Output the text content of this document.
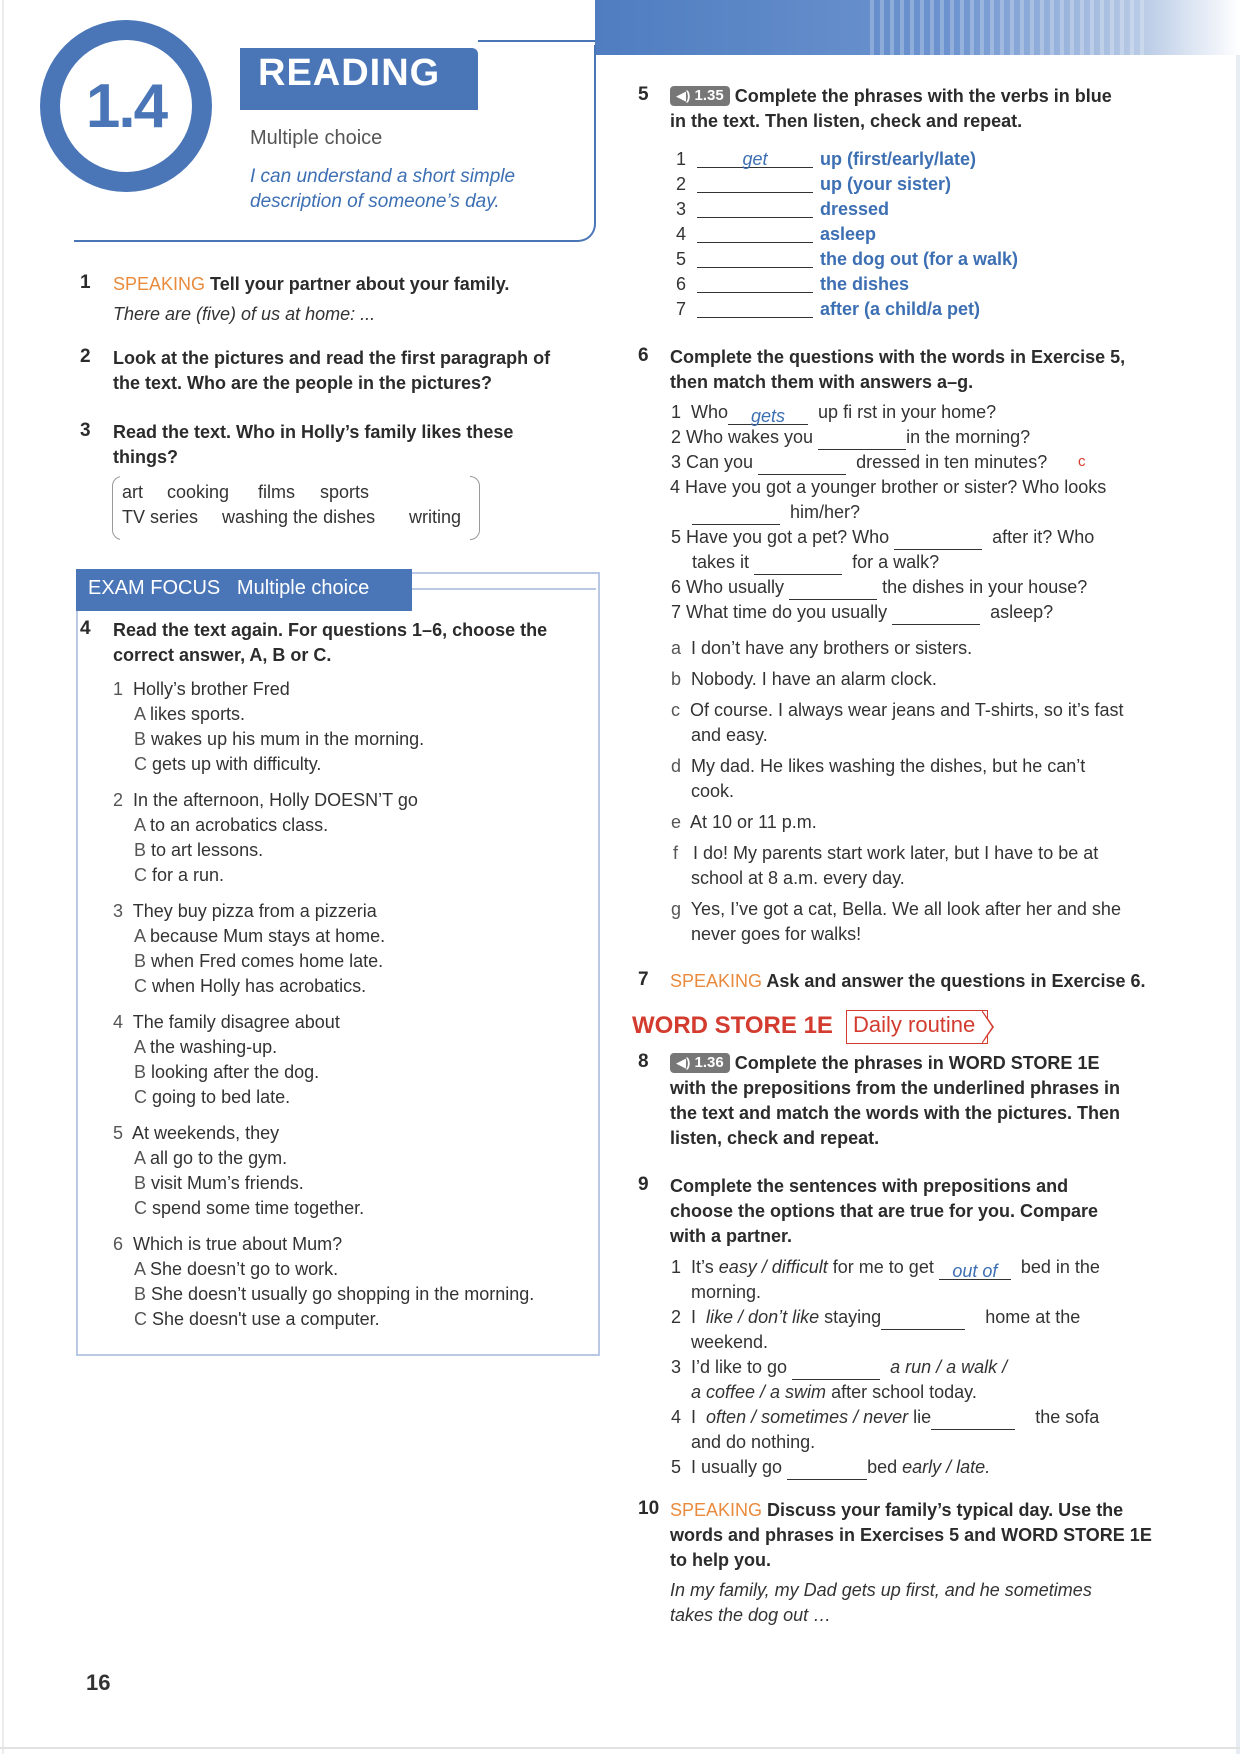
1.4 READING
Multiple choice
I can understand a short simple
description of someone’s day.
1 SPEAKING Tell your partner about your family.
There are (five) of us at home: ...
2 Look at the pictures and read the first paragraph of
the text. Who are the people in the pictures?
3 Read the text. Who in Holly’s family likes these
things?
art cooking films sports
TV series washing the dishes writing
EXAM FOCUS Multiple choice
4 Read the text again. For questions 1–6, choose the
correct answer, A, B or C.
1 Holly’s brother Fred
A likes sports.
B wakes up his mum in the morning.
C gets up with difficulty.
2 In the afternoon, Holly DOESN’T go
A to an acrobatics class.
B to art lessons.
C for a run.
3 They buy pizza from a pizzeria
A because Mum stays at home.
B when Fred comes home late.
C when Holly has acrobatics.
4 The family disagree about
A the washing-up.
B looking after the dog.
C going to bed late.
5 At weekends, they
A all go to the gym.
B visit Mum’s friends.
C spend some time together.
6 Which is true about Mum?
A She doesn’t go to work.
B She doesn’t usually go shopping in the morning.
C She doesn't use a computer.
5	◀) 1.35 Complete the phrases with the verbs in blue
in the text. Then listen, check and repeat.
1	get	up (first/early/late)
2	up (your sister)
3	dressed
4	asleep
5	the dog out (for a walk)
6	the dishes
7	after (a child/a pet)
6 Complete the questions with the words in Exercise 5,
then match them with answers a–g.
1  Who gets up fi rst in your home?
2 Who wakes you	in the morning?
3 Can you	dressed in ten minutes?
4 Have you got a younger brother or sister? Who looks
him/her?
5 Have you got a pet? Who	after it? Who
takes it	for a walk?
6 Who usually	the dishes in your house?
7 What time do you usually	asleep?
c
a I don’t have any brothers or sisters.
b Nobody. I have an alarm clock.
c Of course. I always wear jeans and T-shirts, so it’s fast
and easy.
d My dad. He likes washing the dishes, but he can’t
cook.
e At 10 or 11 p.m.
f I do! My parents start work later, but I have to be at
school at 8 a.m. every day.
g Yes, I’ve got a cat, Bella. We all look after her and she
never goes for walks!
7 SPEAKING Ask and answer the questions in Exercise 6.
WORD STORE 1E Daily routine
8	◀) 1.36 Complete the phrases in WORD STORE 1E
with the prepositions from the underlined phrases in
the text and match the words with the pictures. Then
listen, check and repeat.
9 Complete the sentences with prepositions and
choose the options that are true for you. Compare
with a partner.
1  It’s easy / difficult for me to get out of bed in the
morning.
2  I like / don’t like staying	home at the
weekend.
3  I’d like to go	a run / a walk /
a coffee / a swim after school today.
4  I often / sometimes / never lie	the sofa
and do nothing.
5  I usually go	bed early / late.
10 SPEAKING Discuss your family’s typical day. Use the
words and phrases in Exercises 5 and WORD STORE 1E
to help you.
In my family, my Dad gets up first, and he sometimes
takes the dog out …
16
